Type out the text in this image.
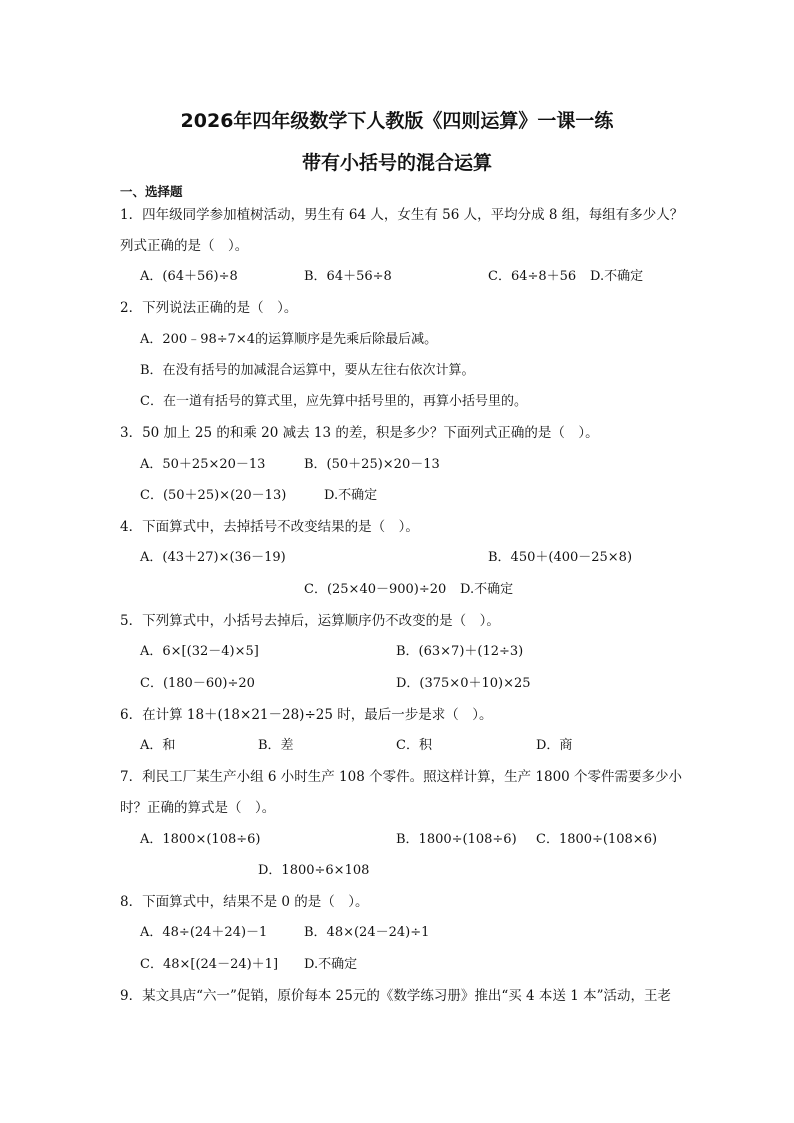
2026年四年级数学下人教版《四则运算》一课一练
带有小括号的混合运算
一、选择题
1．四年级同学参加植树活动，男生有 64 人，女生有 56 人，平均分成 8 组，每组有多少人？
列式正确的是（　）。
A．(64＋56)÷8	B．64＋56÷8	C．64÷8＋56 D.不确定
2．下列说法正确的是（　）。
A．200﹣98÷7×4的运算顺序是先乘后除最后减。
B．在没有括号的加减混合运算中，要从左往右依次计算。
C．在一道有括号的算式里，应先算中括号里的，再算小括号里的。
3．50 加上 25 的和乘 20 减去 13 的差，积是多少？下面列式正确的是（　）。
A．50＋25×20－13	B．(50＋25)×20－13
C．(50＋25)×(20－13)	D.不确定
4．下面算式中，去掉括号不改变结果的是（　）。
A．(43＋27)×(36－19)	B．450＋(400－25×8)
C．(25×40－900)÷20 D.不确定
5．下列算式中，小括号去掉后，运算顺序仍不改变的是（　）。
A．6×[(32－4)×5]	B．(63×7)＋(12÷3)
C．(180－60)÷20	D．(375×0＋10)×25
6．在计算 18＋(18×21－28)÷25 时，最后一步是求（　）。
A．和	B．差	C．积	D．商
7．利民工厂某生产小组 6 小时生产 108 个零件。照这样计算，生产 1800 个零件需要多少小
时？正确的算式是（　）。
A．1800×(108÷6)	B．1800÷(108÷6) C．1800÷(108×6)
D．1800÷6×108
8．下面算式中，结果不是 0 的是（　）。
A．48÷(24＋24)－1	B．48×(24－24)÷1
C．48×[(24－24)＋1] D.不确定
9．某文具店“六一”促销，原价每本 25元的《数学练习册》推出“买 4 本送 1 本”活动，王老
